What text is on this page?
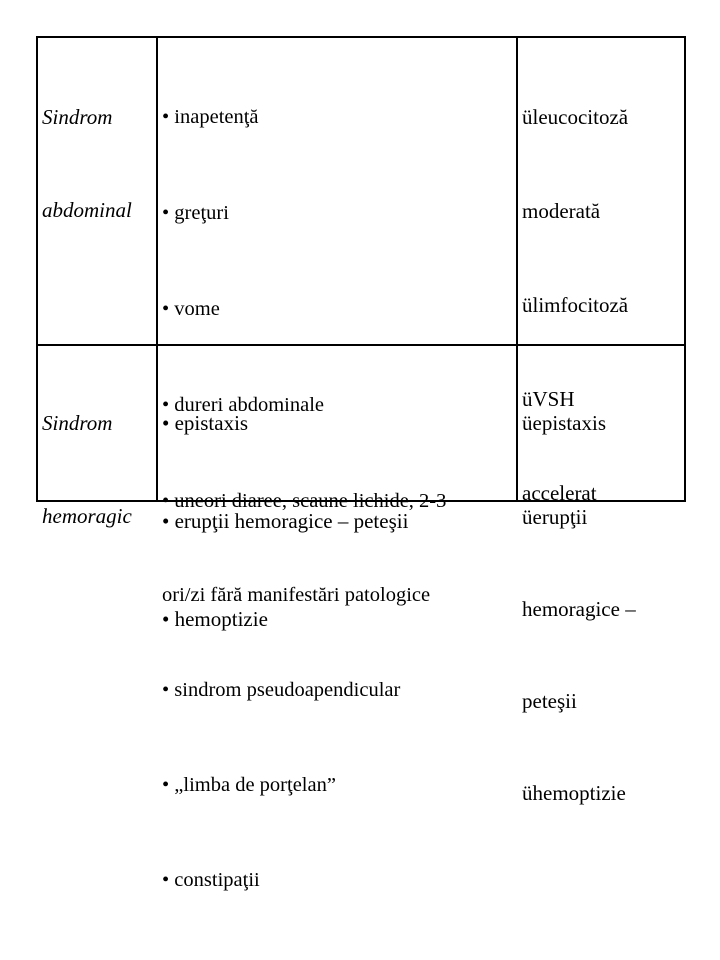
Sindrom

abdominal

• inapetenţă

• greţuri

• vome

• dureri abdominale

• uneori diaree, scaune lichide, 2-3

ori/zi fără manifestări patologice

• sindrom pseudoapendicular

• „limba de porţelan”

• constipaţii

üleucocitoză

moderată

ülimfocitoză

üVSH

accelerat

Sindrom

hemoragic

• epistaxis

• erupţii hemoragice – peteşii

• hemoptizie

üepistaxis

üerupţii

hemoragice –

peteşii

ühemoptizie
